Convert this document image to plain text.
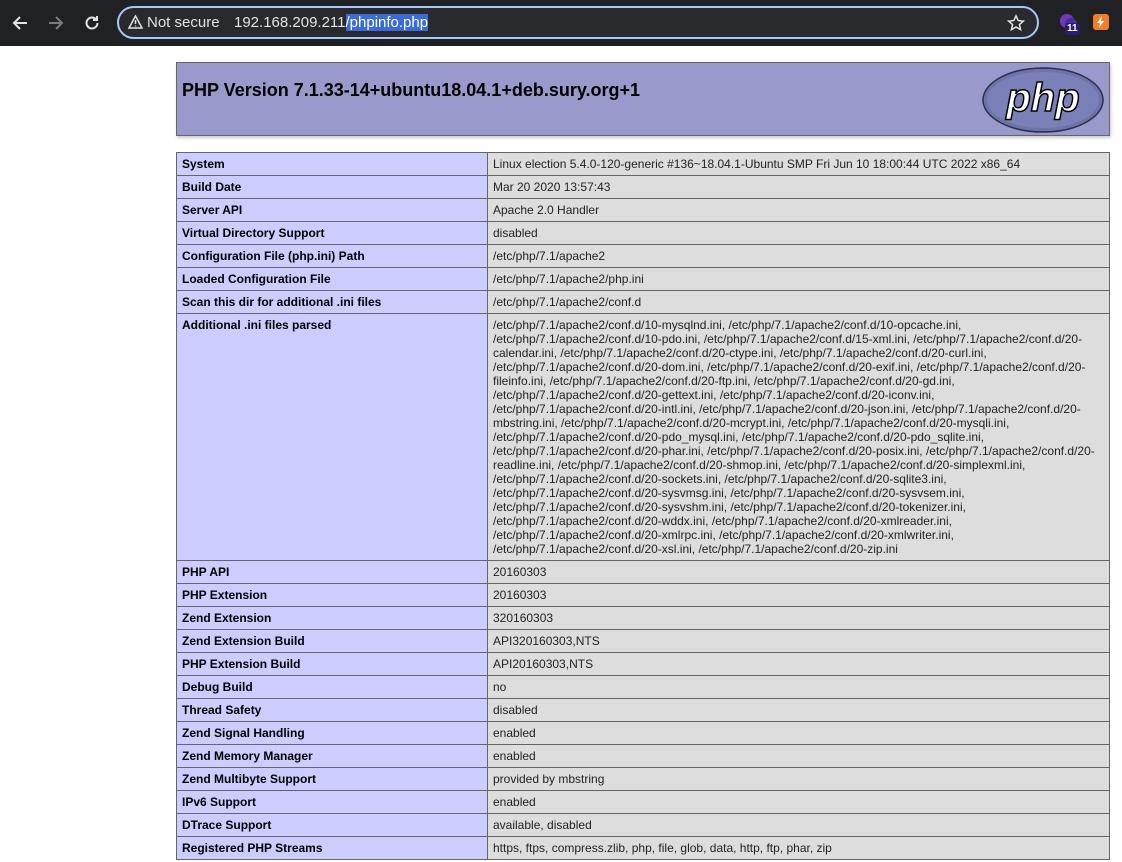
Not secure 192.168.209.211/phpinfo.php	11
PHP Version 7.1.33-14+ubuntu18.04.1+deb.sury.org+1	php
System	Linux election 5.4.0-120-generic #136~18.04.1-Ubuntu SMP Fri Jun 10 18:00:44 UTC 2022 x86_64
Build Date	Mar 20 2020 13:57:43
Server API	Apache 2.0 Handler
Virtual Directory Support	disabled
Configuration File (php.ini) Path	/etc/php/7.1/apache2
Loaded Configuration File	/etc/php/7.1/apache2/php.ini
Scan this dir for additional .ini files	/etc/php/7.1/apache2/conf.d
Additional .ini files parsed	/etc/php/7.1/apache2/conf.d/10-mysqlnd.ini, /etc/php/7.1/apache2/conf.d/10-opcache.ini, /etc/php/7.1/apache2/conf.d/10-pdo.ini, /etc/php/7.1/apache2/conf.d/15-xml.ini, /etc/php/7.1/apache2/conf.d/20-calendar.ini, /etc/php/7.1/apache2/conf.d/20-ctype.ini, /etc/php/7.1/apache2/conf.d/20-curl.ini, /etc/php/7.1/apache2/conf.d/20-dom.ini, /etc/php/7.1/apache2/conf.d/20-exif.ini, /etc/php/7.1/apache2/conf.d/20-fileinfo.ini, /etc/php/7.1/apache2/conf.d/20-ftp.ini, /etc/php/7.1/apache2/conf.d/20-gd.ini, /etc/php/7.1/apache2/conf.d/20-gettext.ini, /etc/php/7.1/apache2/conf.d/20-iconv.ini, /etc/php/7.1/apache2/conf.d/20-intl.ini, /etc/php/7.1/apache2/conf.d/20-json.ini, /etc/php/7.1/apache2/conf.d/20-mbstring.ini, /etc/php/7.1/apache2/conf.d/20-mcrypt.ini, /etc/php/7.1/apache2/conf.d/20-mysqli.ini, /etc/php/7.1/apache2/conf.d/20-pdo_mysql.ini, /etc/php/7.1/apache2/conf.d/20-pdo_sqlite.ini, /etc/php/7.1/apache2/conf.d/20-phar.ini, /etc/php/7.1/apache2/conf.d/20-posix.ini, /etc/php/7.1/apache2/conf.d/20-readline.ini, /etc/php/7.1/apache2/conf.d/20-shmop.ini, /etc/php/7.1/apache2/conf.d/20-simplexml.ini, /etc/php/7.1/apache2/conf.d/20-sockets.ini, /etc/php/7.1/apache2/conf.d/20-sqlite3.ini, /etc/php/7.1/apache2/conf.d/20-sysvmsg.ini, /etc/php/7.1/apache2/conf.d/20-sysvsem.ini, /etc/php/7.1/apache2/conf.d/20-sysvshm.ini, /etc/php/7.1/apache2/conf.d/20-tokenizer.ini, /etc/php/7.1/apache2/conf.d/20-wddx.ini, /etc/php/7.1/apache2/conf.d/20-xmlreader.ini, /etc/php/7.1/apache2/conf.d/20-xmlrpc.ini, /etc/php/7.1/apache2/conf.d/20-xmlwriter.ini, /etc/php/7.1/apache2/conf.d/20-xsl.ini, /etc/php/7.1/apache2/conf.d/20-zip.ini
PHP API	20160303
PHP Extension	20160303
Zend Extension	320160303
Zend Extension Build	API320160303,NTS
PHP Extension Build	API20160303,NTS
Debug Build	no
Thread Safety	disabled
Zend Signal Handling	enabled
Zend Memory Manager	enabled
Zend Multibyte Support	provided by mbstring
IPv6 Support	enabled
DTrace Support	available, disabled
Registered PHP Streams	https, ftps, compress.zlib, php, file, glob, data, http, ftp, phar, zip
